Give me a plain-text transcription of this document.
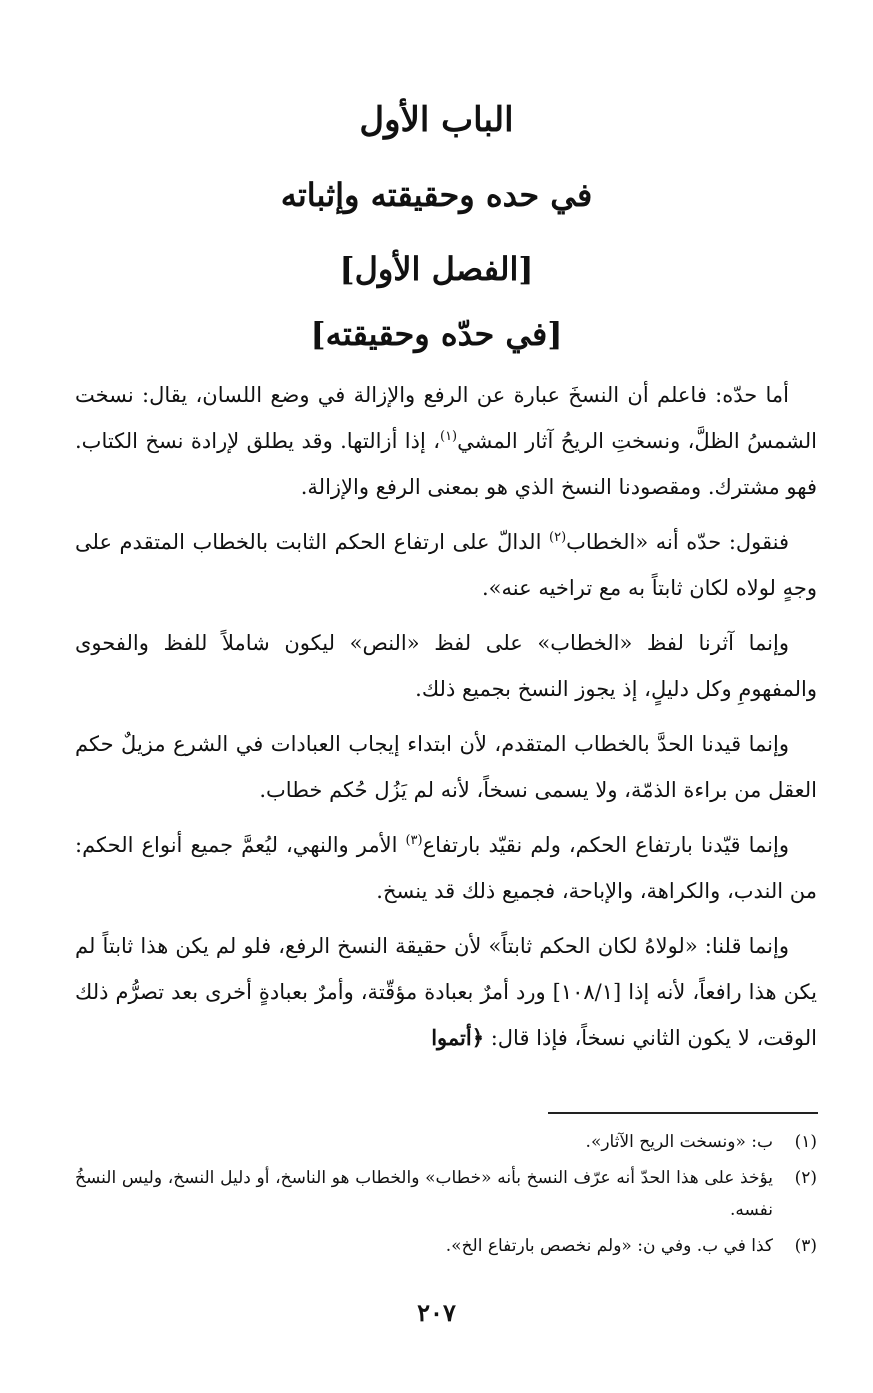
الباب الأول
في حده وحقيقته وإثباته
[الفصل الأول]
[في حدّه وحقيقته]

أما حدّه: فاعلم أن النسخَ عبارة عن الرفع والإزالة في وضع اللسان، يقال: نسخت الشمسُ الظلَّ، ونسختِ الريحُ آثار المشي$^{(١)}$، إذا أزالتها. وقد يطلق لإرادة نسخ الكتاب. فهو مشترك. ومقصودنا النسخ الذي هو بمعنى الرفع والإزالة.

فنقول: حدّه أنه «الخطاب$^{(٢)}$ الدالّ على ارتفاع الحكم الثابت بالخطاب المتقدم على وجهٍ لولاه لكان ثابتاً به مع تراخيه عنه».

وإنما آثرنا لفظ «الخطاب» على لفظ «النص» ليكون شاملاً للفظ والفحوى والمفهومِ وكل دليلٍ، إذ يجوز النسخ بجميع ذلك.

وإنما قيدنا الحدَّ بالخطاب المتقدم، لأن ابتداء إيجاب العبادات في الشرع مزيلٌ حكم العقل من براءة الذمّة، ولا يسمى نسخاً، لأنه لم يَزُل حُكم خطاب.

وإنما قيّدنا بارتفاع الحكم، ولم نقيّد بارتفاع$^{(٣)}$ الأمر والنهي، ليُعمَّ جميع أنواع الحكم: من الندب، والكراهة، والإباحة، فجميع ذلك قد ينسخ.

وإنما قلنا: «لولاهُ لكان الحكم ثابتاً» لأن حقيقة النسخ الرفع، فلو لم يكن هذا ثابتاً لم يكن هذا رافعاً، لأنه إذا [١٠٨/١] ورد أمرٌ بعبادة مؤقّتة، وأمرٌ بعبادةٍ أخرى بعد تصرُّم ذلك الوقت، لا يكون الثاني نسخاً، فإذا قال: ﴿أتموا

(١)
ب: «ونسخت الريح الآثار».
(٢)
يؤخذ على هذا الحدّ أنه عرّف النسخ بأنه «خطاب» والخطاب هو الناسخ، أو دليل النسخ، وليس النسخُ نفسه.
(٣)
كذا في ب. وفي ن: «ولم نخصص بارتفاع الخ».
٢٠٧
